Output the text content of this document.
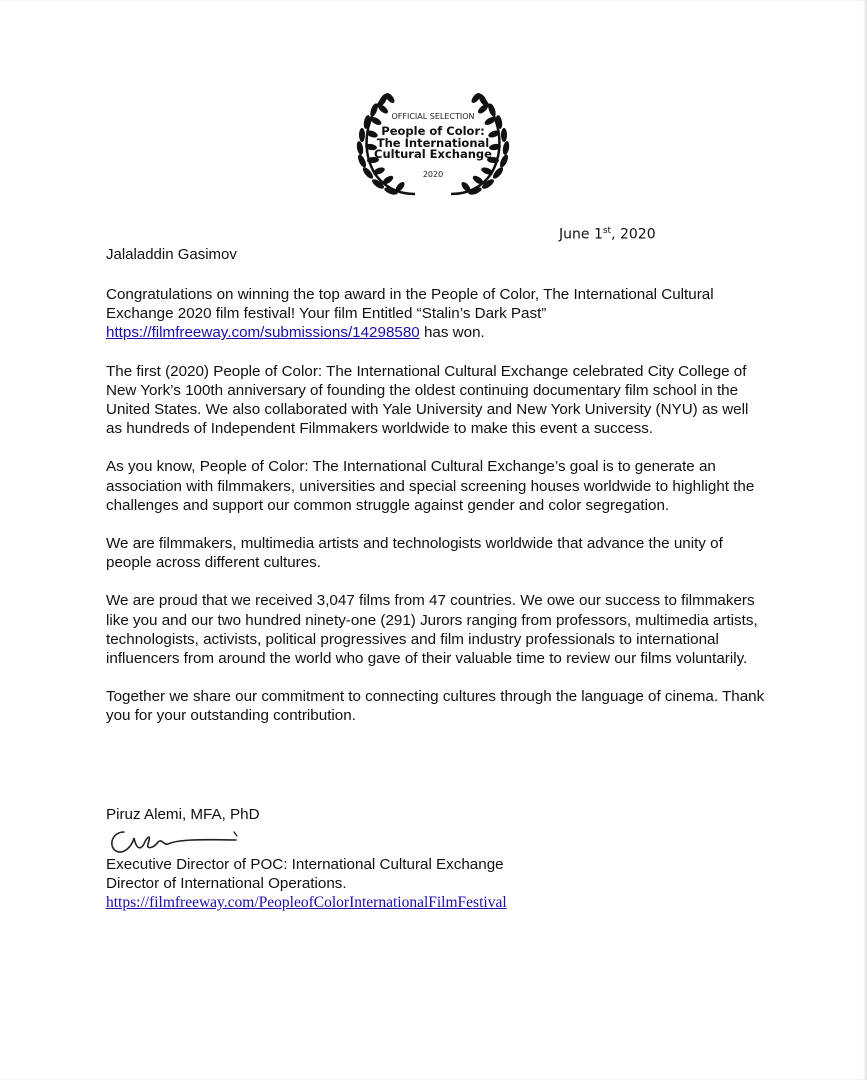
OFFICIAL SELECTION
People of Color:
The International
Cultural Exchange
2020
June 1st, 2020
Jalaladdin Gasimov

Congratulations on winning the top award in the People of Color, The International Cultural Exchange 2020 film festival! Your film Entitled “Stalin’s Dark Past” https://filmfreeway.com/submissions/14298580 has won.

The first (2020) People of Color: The International Cultural Exchange celebrated City College of New York’s 100th anniversary of founding the oldest continuing documentary film school in the United States. We also collaborated with Yale University and New York University (NYU) as well as hundreds of Independent Filmmakers worldwide to make this event a success.

As you know, People of Color: The International Cultural Exchange’s goal is to generate an association with filmmakers, universities and special screening houses worldwide to highlight the challenges and support our common struggle against gender and color segregation.

We are filmmakers, multimedia artists and technologists worldwide that advance the unity of people across different cultures.

We are proud that we received 3,047 films from 47 countries. We owe our success to filmmakers like you and our two hundred ninety-one (291) Jurors ranging from professors, multimedia artists, technologists, activists, political progressives and film industry professionals to international influencers from around the world who gave of their valuable time to review our films voluntarily.

Together we share our commitment to connecting cultures through the language of cinema. Thank you for your outstanding contribution.

Piruz Alemi, MFA, PhD
Executive Director of POC: International Cultural Exchange
Director of International Operations.
https://filmfreeway.com/PeopleofColorInternationalFilmFestival
